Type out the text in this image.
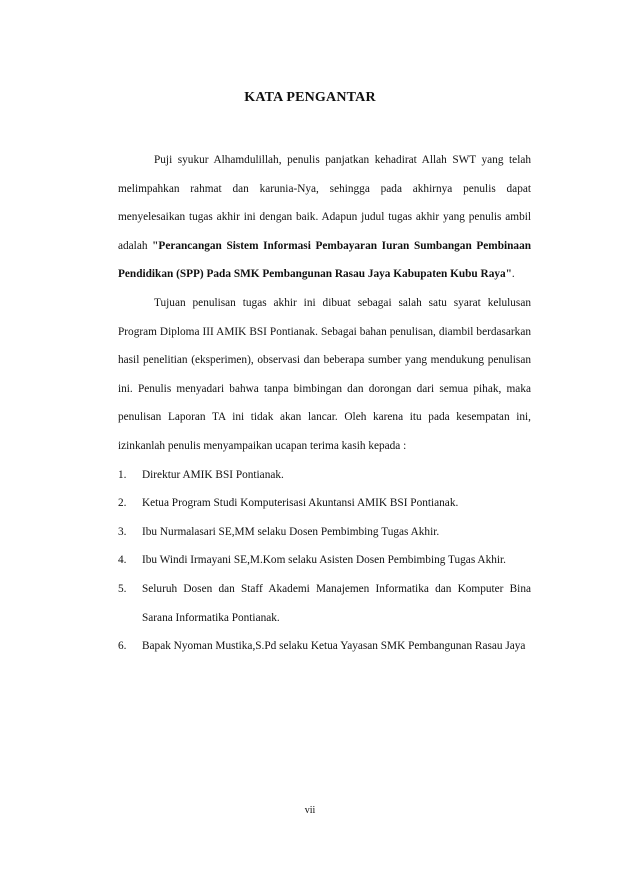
KATA PENGANTAR

Puji syukur Alhamdulillah, penulis panjatkan kehadirat Allah SWT yang telah melimpahkan rahmat dan karunia-Nya, sehingga pada akhirnya penulis dapat menyelesaikan tugas akhir ini dengan baik. Adapun judul tugas akhir yang penulis ambil adalah "Perancangan Sistem Informasi Pembayaran Iuran Sumbangan Pembinaan Pendidikan (SPP) Pada SMK Pembangunan Rasau Jaya Kabupaten Kubu Raya".

Tujuan penulisan tugas akhir ini dibuat sebagai salah satu syarat kelulusan Program Diploma III AMIK BSI Pontianak. Sebagai bahan penulisan, diambil berdasarkan hasil penelitian (eksperimen), observasi dan beberapa sumber yang mendukung penulisan ini. Penulis menyadari bahwa tanpa bimbingan dan dorongan dari semua pihak, maka penulisan Laporan TA ini tidak akan lancar. Oleh karena itu pada kesempatan ini, izinkanlah penulis menyampaikan ucapan terima kasih kepada :

1. Direktur AMIK BSI Pontianak.
2. Ketua Program Studi Komputerisasi Akuntansi AMIK BSI Pontianak.
3. Ibu Nurmalasari SE,MM selaku Dosen Pembimbing Tugas Akhir.
4. Ibu Windi Irmayani SE,M.Kom selaku Asisten Dosen Pembimbing Tugas Akhir.
5. Seluruh Dosen dan Staff Akademi Manajemen Informatika dan Komputer Bina Sarana Informatika Pontianak.
6. Bapak Nyoman Mustika,S.Pd selaku Ketua Yayasan SMK Pembangunan Rasau Jaya
vii
